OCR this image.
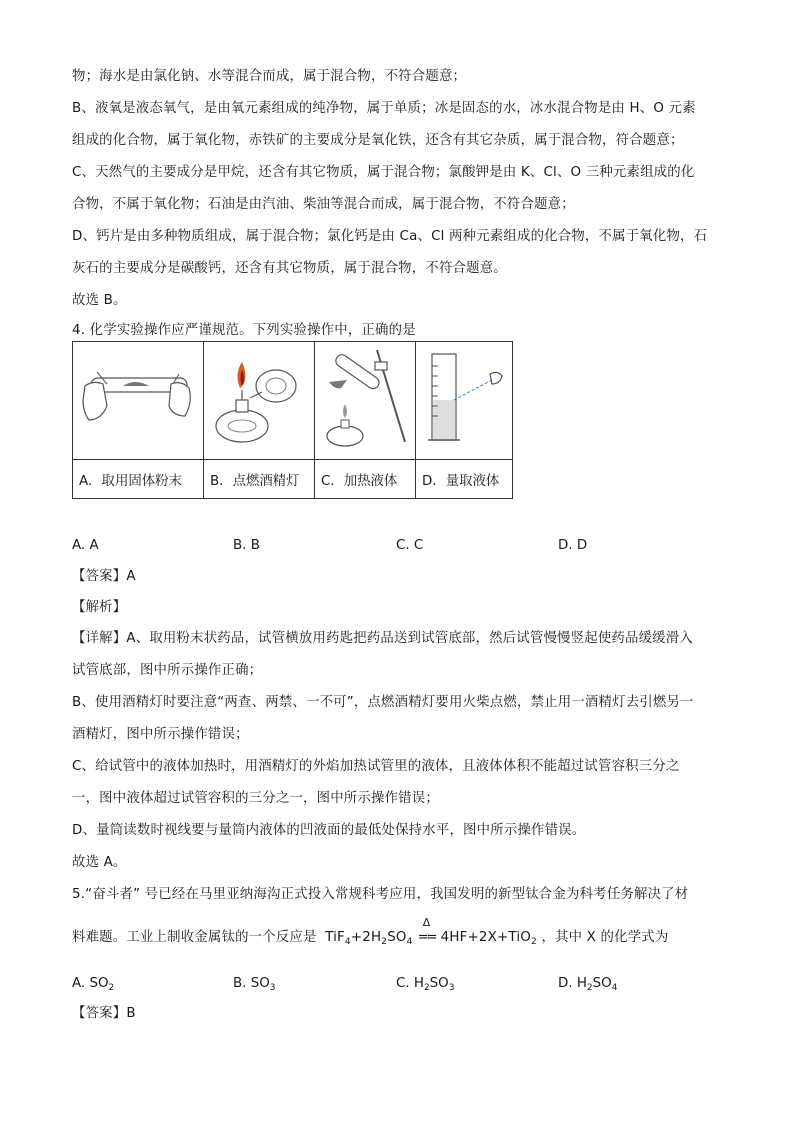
物；海水是由氯化钠、水等混合而成，属于混合物，不符合题意；
B、液氧是液态氧气，是由氧元素组成的纯净物，属于单质；冰是固态的水，冰水混合物是由 H、O 元素
组成的化合物，属于氧化物，赤铁矿的主要成分是氧化铁，还含有其它杂质，属于混合物，符合题意；
C、天然气的主要成分是甲烷，还含有其它物质，属于混合物；氯酸钾是由 K、Cl、O 三种元素组成的化
合物，不属于氧化物；石油是由汽油、柴油等混合而成，属于混合物，不符合题意；
D、钙片是由多种物质组成，属于混合物；氯化钙是由 Ca、Cl 两种元素组成的化合物，不属于氧化物，石
灰石的主要成分是碳酸钙，还含有其它物质，属于混合物，不符合题意。
故选 B。
4. 化学实验操作应严谨规范。下列实验操作中，正确的是

A．取用固体粉末	B．点燃酒精灯	C．加热液体	D．量取液体
A. A	B. B	C. C	D. D
【答案】A
【解析】
【详解】A、取用粉末状药品，试管横放用药匙把药品送到试管底部，然后试管慢慢竖起使药品缓缓滑入
试管底部，图中所示操作正确；
B、使用酒精灯时要注意“两查、两禁、一不可”，点燃酒精灯要用火柴点燃，禁止用一酒精灯去引燃另一
酒精灯，图中所示操作错误；
C、给试管中的液体加热时，用酒精灯的外焰加热试管里的液体，且液体体积不能超过试管容积三分之
一，图中液体超过试管容积的三分之一，图中所示操作错误；
D、量筒读数时视线要与量筒内液体的凹液面的最低处保持水平，图中所示操作错误。
故选 A。
5.“奋斗者” 号已经在马里亚纳海沟正式投入常规科考应用，我国发明的新型钛合金为科考任务解决了材
料难题。工业上制收金属钛的一个反应是 $TiF_4+2H_2SO_4$
Δ
== 4HF+2X+TiO$_2$ ，其中 X 的化学式为
A. $SO_2$	B. $SO_3$	C. $H_2SO_3$	D. $H_2SO_4$
【答案】B
